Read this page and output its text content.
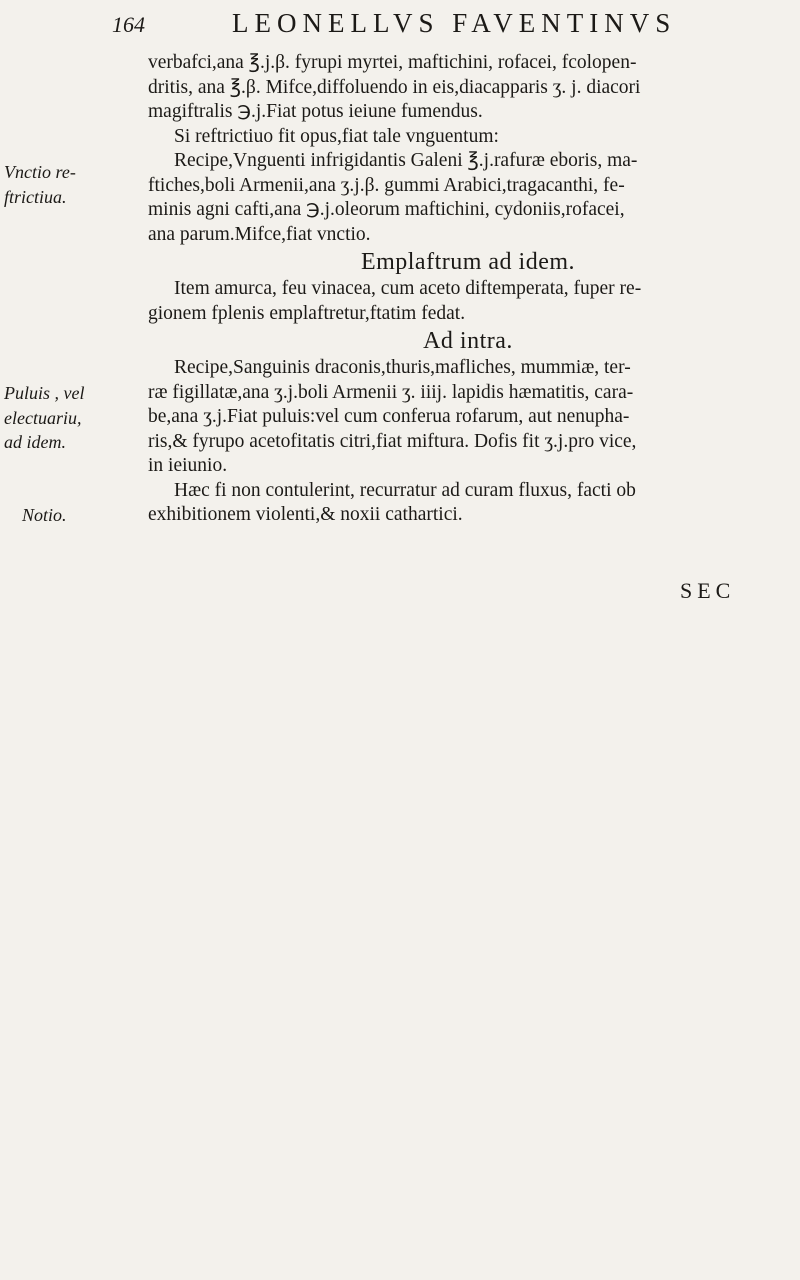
164	LEONELLVS FAVENTINVS
Vnctio re-
ftrictiua.
Puluis , vel
electuariu,
ad idem.
Notio.
verbafci,ana ℥.j.β. fyrupi myrtei, maftichini, rofacei, fcolopen-
dritis, ana ℥.β. Mifce,diffoluendo in eis,diacapparis ʒ. j. diacori
magiftralis ℈.j.Fiat potus ieiune fumendus.
Si reftrictiuo fit opus,fiat tale vnguentum:
Recipe,Vnguenti infrigidantis Galeni ℥.j.rafuræ eboris, ma-
ftiches,boli Armenii,ana ʒ.j.β. gummi Arabici,tragacanthi, fe-
minis agni cafti,ana ℈.j.oleorum maftichini, cydoniis,rofacei,
ana parum.Mifce,fiat vnctio.
Emplaftrum ad idem.
Item amurca, feu vinacea, cum aceto diftemperata, fuper re-
gionem fplenis emplaftretur,ftatim fedat.
Ad intra.
Recipe,Sanguinis draconis,thuris,mafliches, mummiæ, ter-
ræ figillatæ,ana ʒ.j.boli Armenii ʒ. iiij. lapidis hæmatitis, cara-
be,ana ʒ.j.Fiat puluis:vel cum conferua rofarum, aut nenupha-
ris,& fyrupo acetofitatis citri,fiat miftura. Dofis fit ʒ.j.pro vice,
in ieiunio.
Hæc fi non contulerint, recurratur ad curam fluxus, facti ob
exhibitionem violenti,& noxii cathartici.
SEC
